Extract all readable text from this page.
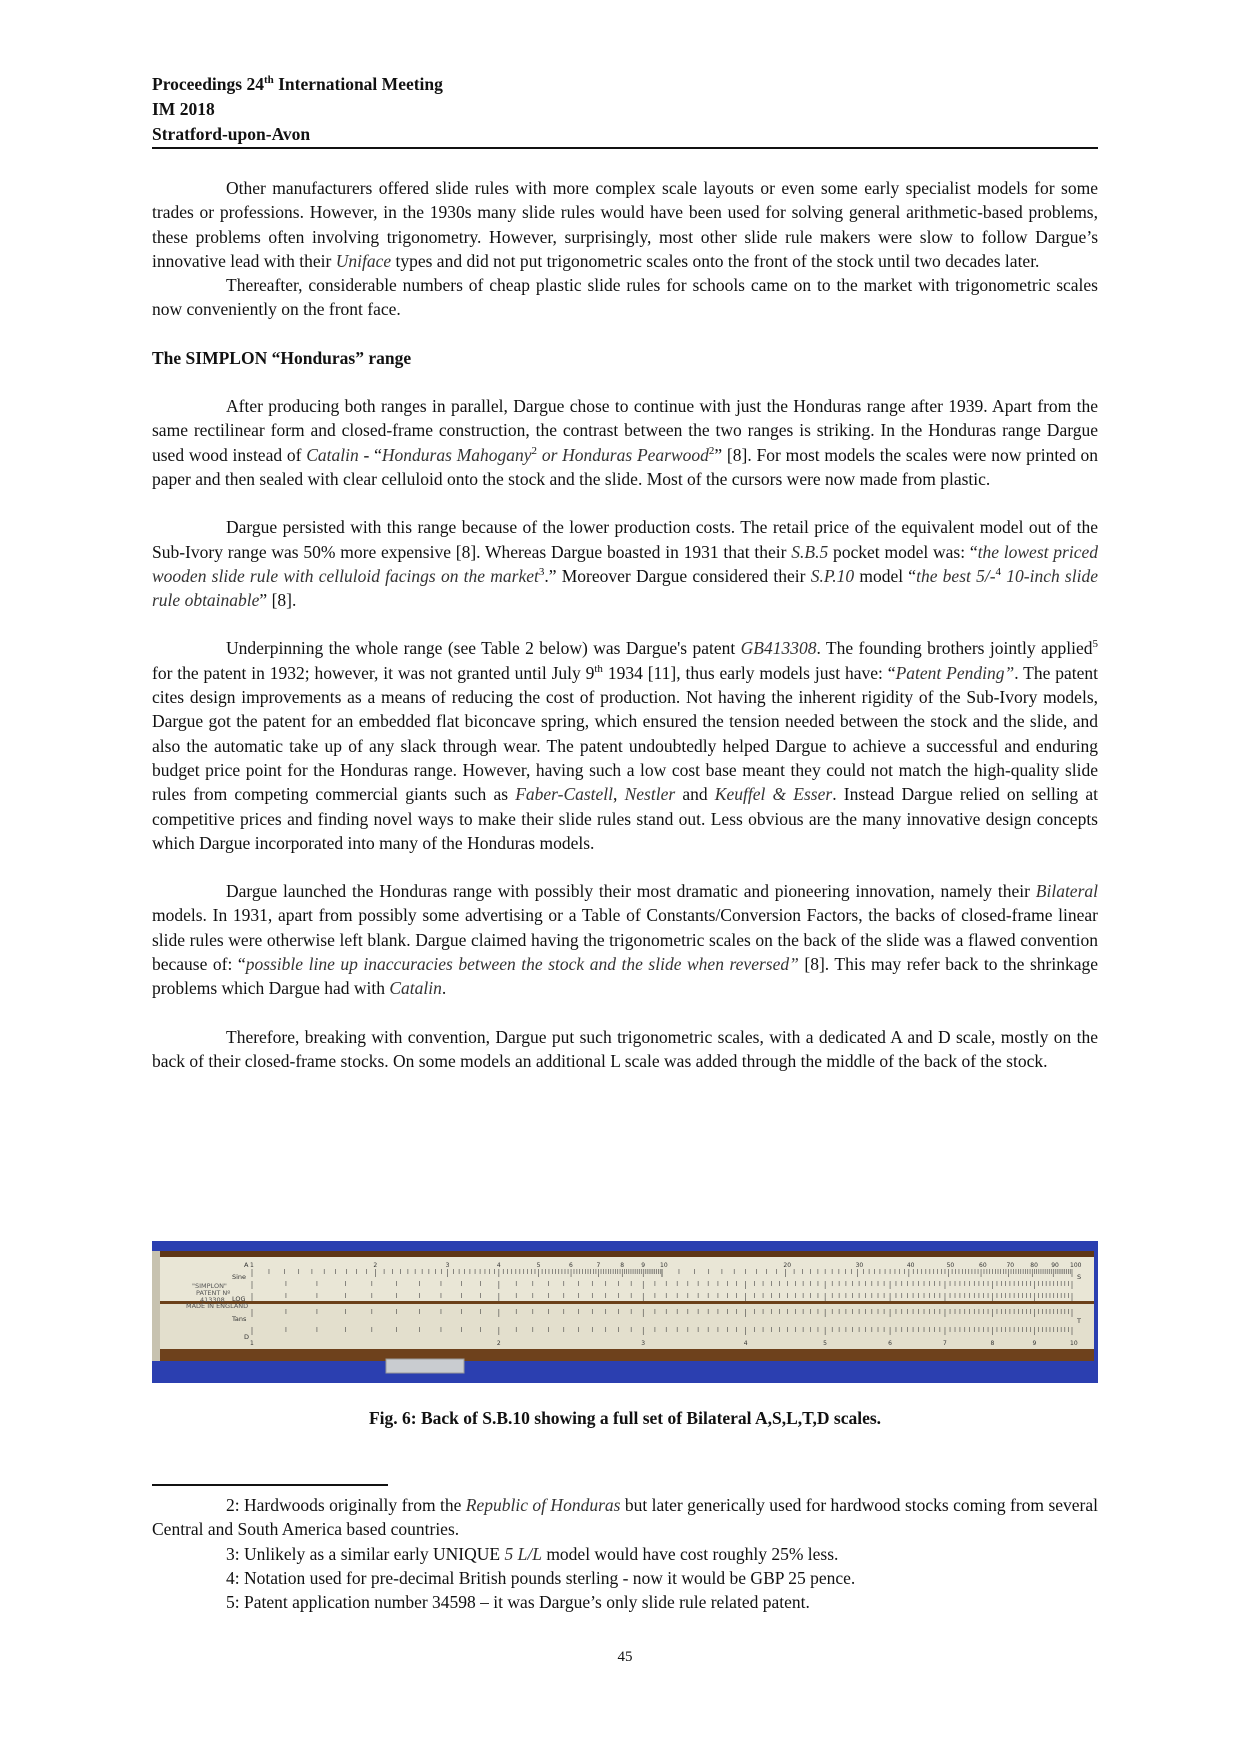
Proceedings 24th International Meeting
IM 2018
Stratford-upon-Avon

Other manufacturers offered slide rules with more complex scale layouts or even some early specialist models for some trades or professions. However, in the 1930s many slide rules would have been used for solving general arithmetic-based problems, these problems often involving trigonometry. However, surprisingly, most other slide rule makers were slow to follow Dargue’s innovative lead with their Uniface types and did not put trigonometric scales onto the front of the stock until two decades later.

Thereafter, considerable numbers of cheap plastic slide rules for schools came on to the market with trigonometric scales now conveniently on the front face.

The SIMPLON “Honduras” range

After producing both ranges in parallel, Dargue chose to continue with just the Honduras range after 1939. Apart from the same rectilinear form and closed-frame construction, the contrast between the two ranges is striking. In the Honduras range Dargue used wood instead of Catalin - “Honduras Mahogany$^2$ or Honduras Pearwood$^2$” [8]. For most models the scales were now printed on paper and then sealed with clear celluloid onto the stock and the slide. Most of the cursors were now made from plastic.

Dargue persisted with this range because of the lower production costs. The retail price of the equivalent model out of the Sub-Ivory range was 50% more expensive [8]. Whereas Dargue boasted in 1931 that their S.B.5 pocket model was: “the lowest priced wooden slide rule with celluloid facings on the market$^3$.” Moreover Dargue considered their S.P.10 model “the best 5/-$^4$ 10-inch slide rule obtainable” [8].

Underpinning the whole range (see Table 2 below) was Dargue's patent GB413308. The founding brothers jointly applied$^5$ for the patent in 1932; however, it was not granted until July 9th 1934 [11], thus early models just have: “Patent Pending”. The patent cites design improvements as a means of reducing the cost of production. Not having the inherent rigidity of the Sub-Ivory models, Dargue got the patent for an embedded flat biconcave spring, which ensured the tension needed between the stock and the slide, and also the automatic take up of any slack through wear. The patent undoubtedly helped Dargue to achieve a successful and enduring budget price point for the Honduras range. However, having such a low cost base meant they could not match the high-quality slide rules from competing commercial giants such as Faber-Castell, Nestler and Keuffel & Esser. Instead Dargue relied on selling at competitive prices and finding novel ways to make their slide rules stand out. Less obvious are the many innovative design concepts which Dargue incorporated into many of the Honduras models.

Dargue launched the Honduras range with possibly their most dramatic and pioneering innovation, namely their Bilateral models. In 1931, apart from possibly some advertising or a Table of Constants/Conversion Factors, the backs of closed-frame linear slide rules were otherwise left blank. Dargue claimed having the trigonometric scales on the back of the slide was a flawed convention because of: “possible line up inaccuracies between the stock and the slide when reversed” [8]. This may refer back to the shrinkage problems which Dargue had with Catalin.

Therefore, breaking with convention, Dargue put such trigonometric scales, with a dedicated A and D scale, mostly on the back of their closed-frame stocks. On some models an additional L scale was added through the middle of the back of the stock.

"SIMPLON"
PATENT Nº
413308
MADE IN ENGLAND
A
Sine
LOG
Tans
D
S
T
1	2	3	4	5	6	7	8	9 10	20	30	40	50	60	70	80 90 100
1	2	3	4	5	6	7	8	9	10
Fig. 6: Back of S.B.10 showing a full set of Bilateral A,S,L,T,D scales.

2: Hardwoods originally from the Republic of Honduras but later generically used for hardwood stocks coming from several Central and South America based countries.

3: Unlikely as a similar early UNIQUE 5 L/L model would have cost roughly 25% less.

4: Notation used for pre-decimal British pounds sterling - now it would be GBP 25 pence.

5: Patent application number 34598 – it was Dargue’s only slide rule related patent.

45
